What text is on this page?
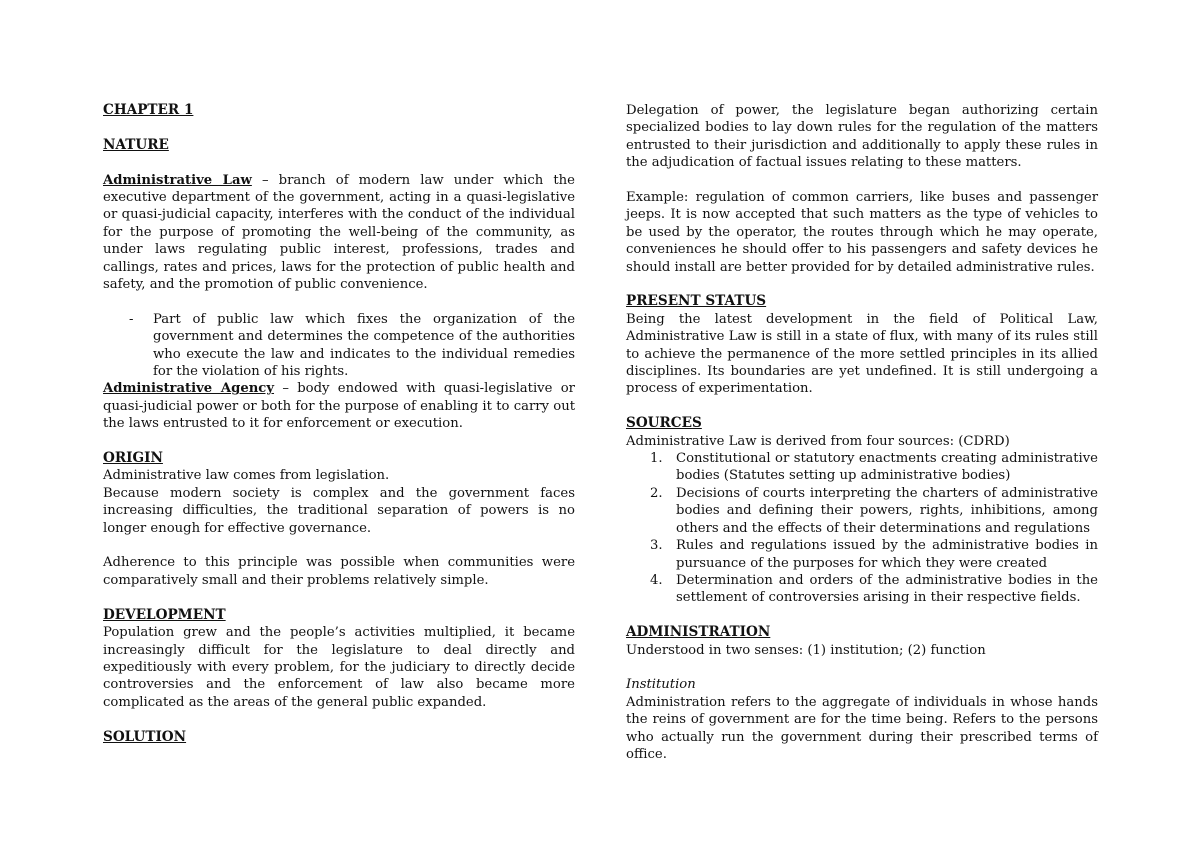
CHAPTER 1

NATURE

Administrative Law – branch of modern law under which the executive department of the government, acting in a quasi-legislative or quasi-judicial capacity, interferes with the conduct of the individual for the purpose of promoting the well-being of the community, as under laws regulating public interest, professions, trades and callings, rates and prices, laws for the protection of public health and safety, and the promotion of public convenience.

- Part of public law which fixes the organization of the government and determines the competence of the authorities who execute the law and indicates to the individual remedies for the violation of his rights.

Administrative Agency – body endowed with quasi-legislative or quasi-judicial power or both for the purpose of enabling it to carry out the laws entrusted to it for enforcement or execution.

ORIGIN

Administrative law comes from legislation.

Because modern society is complex and the government faces increasing difficulties, the traditional separation of powers is no longer enough for effective governance.

Adherence to this principle was possible when communities were comparatively small and their problems relatively simple.

DEVELOPMENT

Population grew and the people’s activities multiplied, it became increasingly difficult for the legislature to deal directly and expeditiously with every problem, for the judiciary to directly decide controversies and the enforcement of law also became more complicated as the areas of the general public expanded.

SOLUTION

Delegation of power, the legislature began authorizing certain specialized bodies to lay down rules for the regulation of the matters entrusted to their jurisdiction and additionally to apply these rules in the adjudication of factual issues relating to these matters.

Example: regulation of common carriers, like buses and passenger jeeps. It is now accepted that such matters as the type of vehicles to be used by the operator, the routes through which he may operate, conveniences he should offer to his passengers and safety devices he should install are better provided for by detailed administrative rules.

PRESENT STATUS

Being the latest development in the field of Political Law, Administrative Law is still in a state of flux, with many of its rules still to achieve the permanence of the more settled principles in its allied disciplines. Its boundaries are yet undefined. It is still undergoing a process of experimentation.

SOURCES

Administrative Law is derived from four sources: (CDRD)

1. Constitutional or statutory enactments creating administrative bodies (Statutes setting up administrative bodies)
2. Decisions of courts interpreting the charters of administrative bodies and defining their powers, rights, inhibitions, among others and the effects of their determinations and regulations
3. Rules and regulations issued by the administrative bodies in pursuance of the purposes for which they were created
4. Determination and orders of the administrative bodies in the settlement of controversies arising in their respective fields.

ADMINISTRATION

Understood in two senses: (1) institution; (2) function

Institution

Administration refers to the aggregate of individuals in whose hands the reins of government are for the time being. Refers to the persons who actually run the government during their prescribed terms of office.
